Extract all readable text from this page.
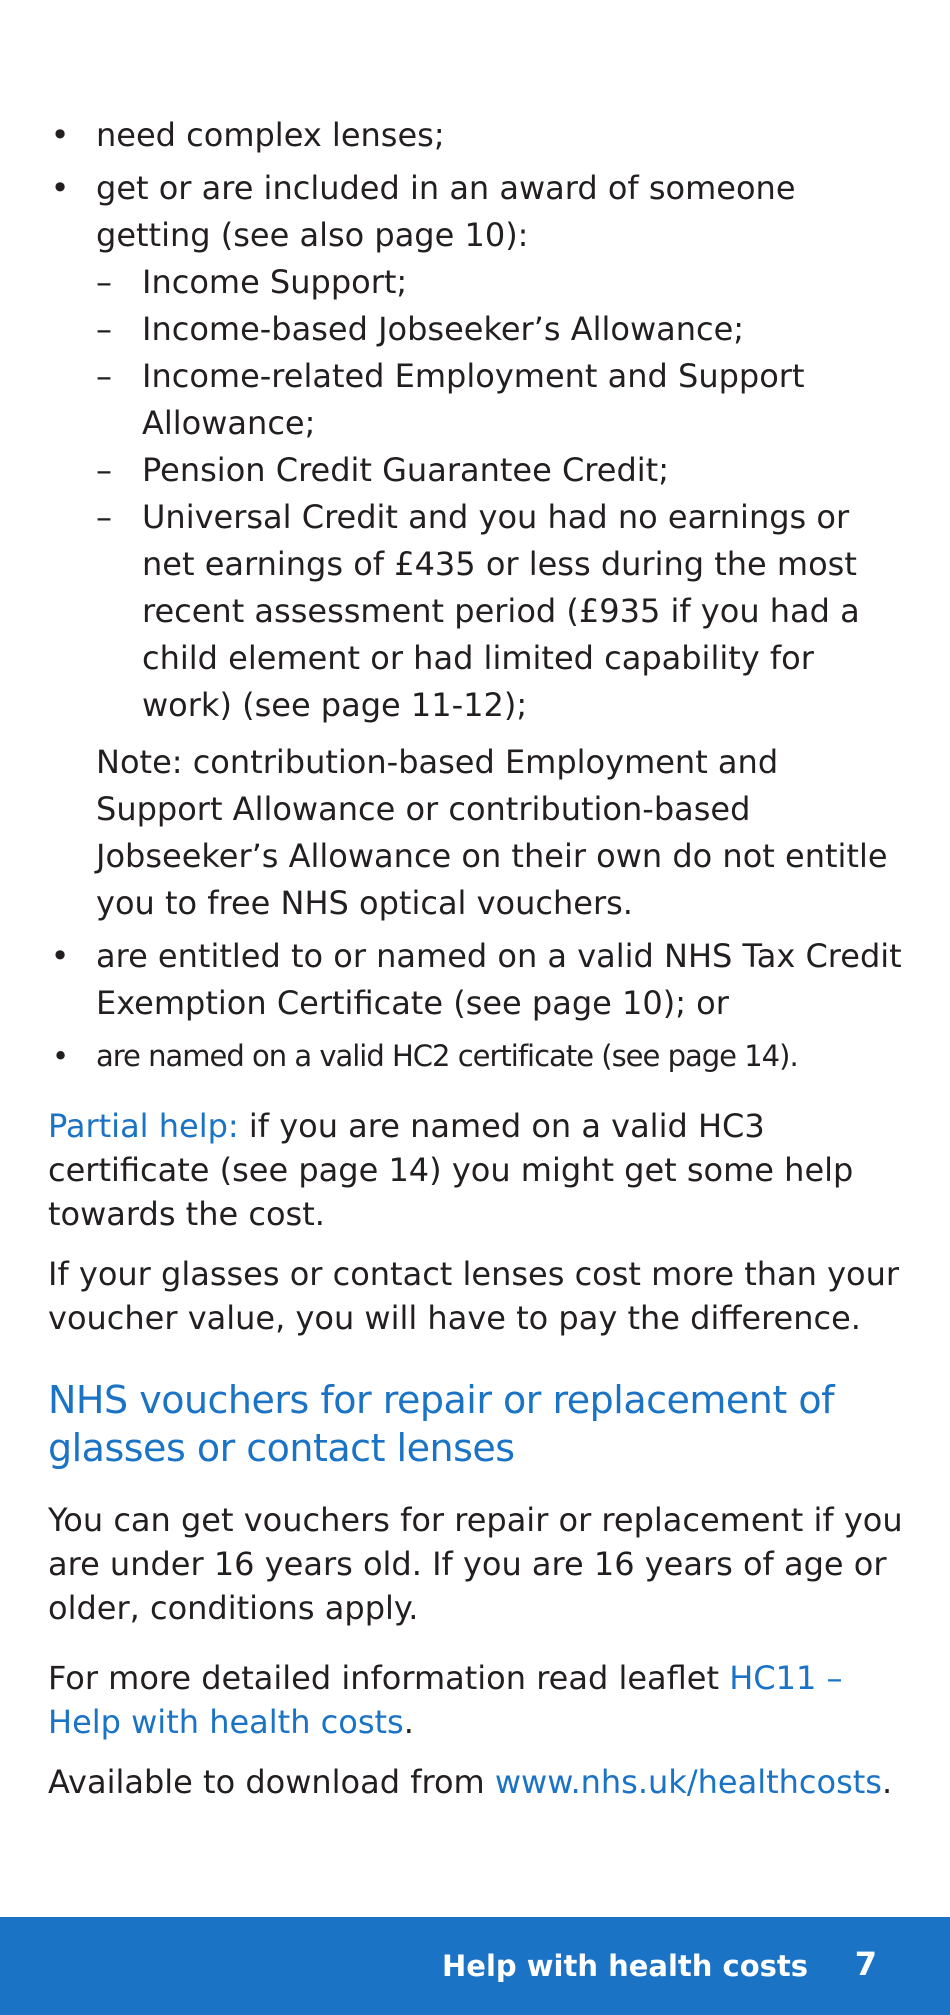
• need complex lenses;
• get or are included in an award of someone getting (see also page 10):
– Income Support;
– Income-based Jobseeker’s Allowance;
– Income-related Employment and Support Allowance;
– Pension Credit Guarantee Credit;
– Universal Credit and you had no earnings or net earnings of £435 or less during the most recent assessment period (£935 if you had a child element or had limited capability for work) (see page 11-12);
Note: contribution-based Employment and Support Allowance or contribution-based Jobseeker’s Allowance on their own do not entitle you to free NHS optical vouchers.
• are entitled to or named on a valid NHS Tax Credit Exemption Certificate (see page 10); or
• are named on a valid HC2 certificate (see page 14).

Partial help: if you are named on a valid HC3 certificate (see page 14) you might get some help towards the cost.

If your glasses or contact lenses cost more than your voucher value, you will have to pay the difference.

NHS vouchers for repair or replacement of glasses or contact lenses

You can get vouchers for repair or replacement if you are under 16 years old. If you are 16 years of age or older, conditions apply.

For more detailed information read leaflet HC11 – Help with health costs.

Available to download from www.nhs.uk/healthcosts.

Help with health costs 7
